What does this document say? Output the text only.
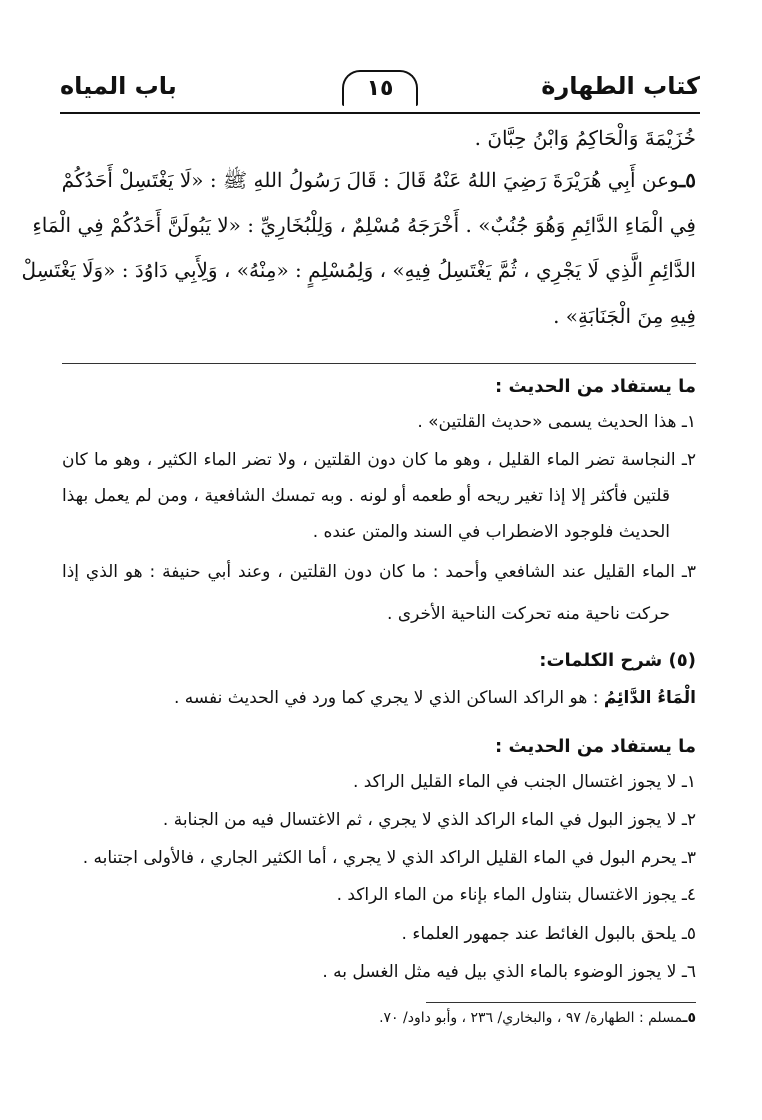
كتاب الطهارة
١٥
باب المياه
خُزَيْمَةَ وَالْحَاكِمُ وَابْنُ حِبَّانَ .
٥ـوعن أَبِي هُرَيْرَةَ رَضِيَ اللهُ عَنْهُ قَالَ : قَالَ رَسُولُ اللهِ ﷺ : «لَا يَغْتَسِلْ أَحَدُكُمْ
فِي الْمَاءِ الدَّائِمِ وَهُوَ جُنُبٌ» . أَخْرَجَهُ مُسْلِمٌ ، وَلِلْبُخَارِيِّ : «لا يَبُولَنَّ أَحَدُكُمْ فِي الْمَاءِ
الدَّائِمِ الَّذِي لَا يَجْرِي ، ثُمَّ يَغْتَسِلُ فِيهِ» ، وَلِمُسْلِمٍ : «مِنْهُ» ، وَلِأَبِي دَاوُدَ : «وَلَا يَغْتَسِلْ
فِيهِ مِنَ الْجَنَابَةِ» .
ما يستفاد من الحديث :
١ـ هذا الحديث يسمى «حديث القلتين» .
٢ـ النجاسة تضر الماء القليل ، وهو ما كان دون القلتين ، ولا تضر الماء الكثير ، وهو ما كان
قلتين فأكثر إلا إذا تغير ريحه أو طعمه أو لونه . وبه تمسك الشافعية ، ومن لم يعمل بهذا
الحديث فلوجود الاضطراب في السند والمتن عنده .
٣ـ الماء القليل عند الشافعي وأحمد : ما كان دون القلتين ، وعند أبي حنيفة : هو الذي إذا
حركت ناحية منه تحركت الناحية الأخرى .
(٥) شرح الكلمات:
الْمَاءُ الدَّائِمُ : هو الراكد الساكن الذي لا يجري كما ورد في الحديث نفسه .
ما يستفاد من الحديث :
١ـ لا يجوز اغتسال الجنب في الماء القليل الراكد .
٢ـ لا يجوز البول في الماء الراكد الذي لا يجري ، ثم الاغتسال فيه من الجنابة .
٣ـ يحرم البول في الماء القليل الراكد الذي لا يجري ، أما الكثير الجاري ، فالأولى اجتنابه .
٤ـ يجوز الاغتسال بتناول الماء بإناء من الماء الراكد .
٥ـ يلحق بالبول الغائط عند جمهور العلماء .
٦ـ لا يجوز الوضوء بالماء الذي بيل فيه مثل الغسل به .
٥ـمسلم : الطهارة/ ٩٧ ، والبخاري/ ٢٣٦ ، وأبو داود/ ٧٠.
